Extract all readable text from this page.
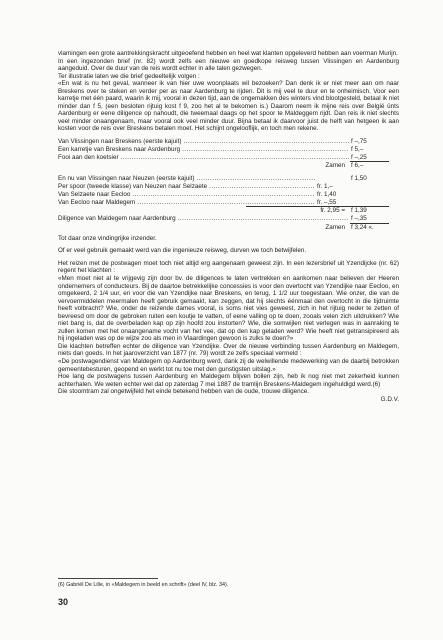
vlamingen een grote aantrekkingskracht uitgeoefend hebben en heel wat klanten opgeleverd hebben aan voerman Murijn.
In een ingezonden brief (nr. 82) wordt zelfs een nieuwe en goedkope reisweg tussen Vlissingen en Aardenburg aangeduid. Over de duur van de reis wordt echter in alle talen gezwegen.
Ter illustratie laten we die brief gedeeltelijk volgen :

«En wat is nu het geval, wanneer ik van hier uwe woonplaats wil bezoeken? Dan denk ik er niet meer aan om naar Breskens over te steken en verder per as naar Aardenburg te rijden. Dit is mij veel te duur en te onheimisch. Voor een karretje met één paard, waarin ik mij, vooral in dezen tijd, aan de ongemakken des winters vind blootgesteld, betaal ik niet minder dan f 5, (een besloten rijtuig kost f 9, zoo het al te bekomen is.) Daarom neem ik mijne reis over België ünts Aardenburg er eene diligence op nahoudt, die tweemaal daags op het spoor te Maldeggem rijdt. Dan reis ik niet slechts veel minder onaangenaam, maar vooral ook veel minder duur. Bijna betaal ik daarvoor juist de helft van hetgeen ik aan kosten voor de reis over Breskens betalen moet. Het schijnt ongelooflijk, en toch men rekene.

Van Vlissingen naar Breskens (eerste kajuit) .....	f –,75
Een karretje van Breskens naar Asrdenburg .....	f 5,–
Fooi aan den koetsier .....	f –,25
Zamen f 6,–
En nu van Vlissingen naar Neuzen (eerste kajuit) .....	f 1,50
Per spoor (tweede klasse) van Neuzen naar Selzaete .....	fr. 1,–
Van Selzaete naar Eecloo .....	fr. 1,40
Van Eecloo naar Maldegem .....	fr. –,55
fr. 2,95 = f 1,39
Diligence van Maldegem naar Aardenburg .....	f –,35
Zamen f 3,24 «.

Tot daar onze vindingrijke inzender.

Of er veel gebruik gemaakt werd van die ingenieuze reisweg, durven we toch betwijfelen.

Het reizen met de postwagen moet toch niet altijd erg aangenaam geweest zijn. In een lezersbrief uit Yzendijcke (nr. 62) regent het klachten :

«Men moet niet al te vrijgevig zijn door bv. de diligences te laten vertrekken en aankomen naar believen der Heeren ondernemers of conducteurs. Bij de daartoe betrekkelijke concessies is voor den overtocht van Yzendijke naar Eecloo, en omgekeerd, 2 1/4 uur, en voor die van Yzendijke naar Breskens, en terug, 1 1/2 uur toegestaan. Wie onzer, die van de vervoermiddelen meermalen heeft gebruik gemaakt, kan zeggen, dat hij slechts éénmaal den overtocht in die tijdruimte heeft volbracht? Wie, onder de reizende dames vooral, is soms niet vies geweest, zich in het rijtuig neder te zetten of bevreesd om door de gebroken ruiten een koutje te vatten, of eene valling op te doen, zooals velen zich uitdrukken? Wie niet bang is, dat de overbeladen kap op zijn hoofd zou instorten? Wie, die somwijlen niet verlegen was in aanraking te zullen komen met het onaangename vocht van het vee, dat op den kap geladen werd? Wie heeft niet getransipireerd als hij ingeladen was op de wijze zoo als men in Vlaardingen gewoon is zulks te doen?»
Die klachten betreffen echter de diligence van Yzendijke. Over de nieuwe verbinding tussen Aardenburg en Maldegem, niets dan goeds. In het jaaroverzicht van 1877 (nr. 79) wordt ze zelfs speciaal vermeld :
«De postwagendienst van Maldegem op Aardenburg werd, dank zij de welwillende medewerking van de daarbij betrokken gemeentebesturen, geopend en werkt tot nu toe met den gunstigsten uitslag.»
Hoe lang de postwagens tussen Aardenburg en Maldegem blijven bollen zijn, heb ik nog niet met zekerheid kunnen achterhalen. We weten echter wel dat op zaterdag 7 mei 1887 de tramlijn Breskens-Maldegem ingehuldigd werd.(6)
Die stoomtram zal ongetwijfeld het einde betekend hebben van de oude, trouwe diligence.

G.D.V.

(6) Gabriël De Lille, in «Maldegem in beeld en schrift» (deel IV, blz. 34).

30
